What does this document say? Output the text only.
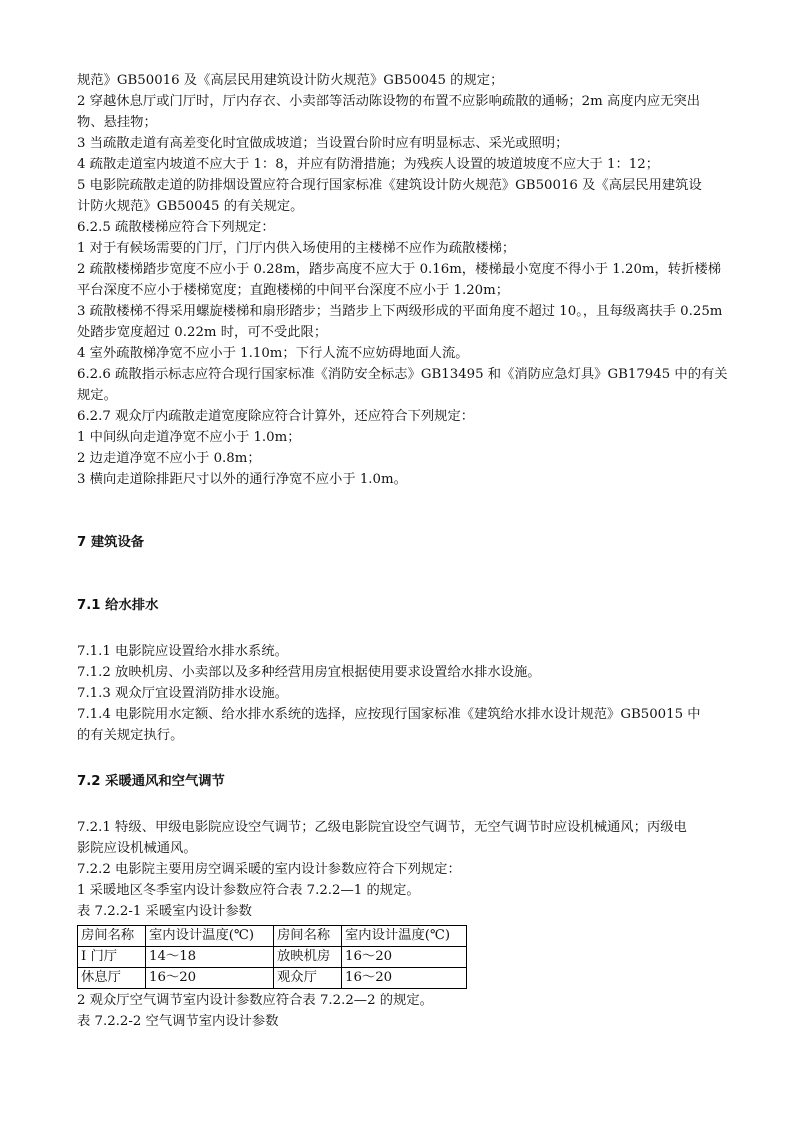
规范》GB50016 及《高层民用建筑设计防火规范》GB50045 的规定；
2 穿越休息厅或门厅时，厅内存衣、小卖部等活动陈设物的布置不应影响疏散的通畅；2m 高度内应无突出
物、悬挂物；
3 当疏散走道有高差变化时宜做成坡道；当设置台阶时应有明显标志、采光或照明；
4 疏散走道室内坡道不应大于 1：8，并应有防滑措施；为残疾人设置的坡道坡度不应大于 1：12；
5 电影院疏散走道的防排烟设置应符合现行国家标准《建筑设计防火规范》GB50016 及《高层民用建筑设
计防火规范》GB50045 的有关规定。
6.2.5 疏散楼梯应符合下列规定：
1 对于有候场需要的门厅，门厅内供入场使用的主楼梯不应作为疏散楼梯；
2 疏散楼梯踏步宽度不应小于 0.28m，踏步高度不应大于 0.16m，楼梯最小宽度不得小于 1.20m，转折楼梯
平台深度不应小于楼梯宽度；直跑楼梯的中间平台深度不应小于 1.20m；
3 疏散楼梯不得采用螺旋楼梯和扇形踏步；当踏步上下两级形成的平面角度不超过 10。，且每级离扶手 0.25m
处踏步宽度超过 0.22m 时，可不受此限；
4 室外疏散梯净宽不应小于 1.10m；下行人流不应妨碍地面人流。
6.2.6 疏散指示标志应符合现行国家标准《消防安全标志》GB13495 和《消防应急灯具》GB17945 中的有关
规定。
6.2.7 观众厅内疏散走道宽度除应符合计算外，还应符合下列规定：
1 中间纵向走道净宽不应小于 1.0m；
2 边走道净宽不应小于 0.8m；
3 横向走道除排距尺寸以外的通行净宽不应小于 1.0m。
7 建筑设备
7.1 给水排水
7.1.1 电影院应设置给水排水系统。
7.1.2 放映机房、小卖部以及多种经营用房宜根据使用要求设置给水排水设施。
7.1.3 观众厅宜设置消防排水设施。
7.1.4 电影院用水定额、给水排水系统的选择，应按现行国家标准《建筑给水排水设计规范》GB50015 中
的有关规定执行。
7.2 采暖通风和空气调节
7.2.1 特级、甲级电影院应设空气调节；乙级电影院宜设空气调节，无空气调节时应设机械通风；丙级电
影院应设机械通风。
7.2.2 电影院主要用房空调采暖的室内设计参数应符合下列规定：
1 采暖地区冬季室内设计参数应符合表 7.2.2—1 的规定。
表 7.2.2-1 采暖室内设计参数
房间名称	室内设计温度(℃)	房间名称	室内设计温度(℃)
I 门厅	14～18	放映机房	16～20
休息厅	16～20	观众厅	16～20
2 观众厅空气调节室内设计参数应符合表 7.2.2—2 的规定。
表 7.2.2-2 空气调节室内设计参数
